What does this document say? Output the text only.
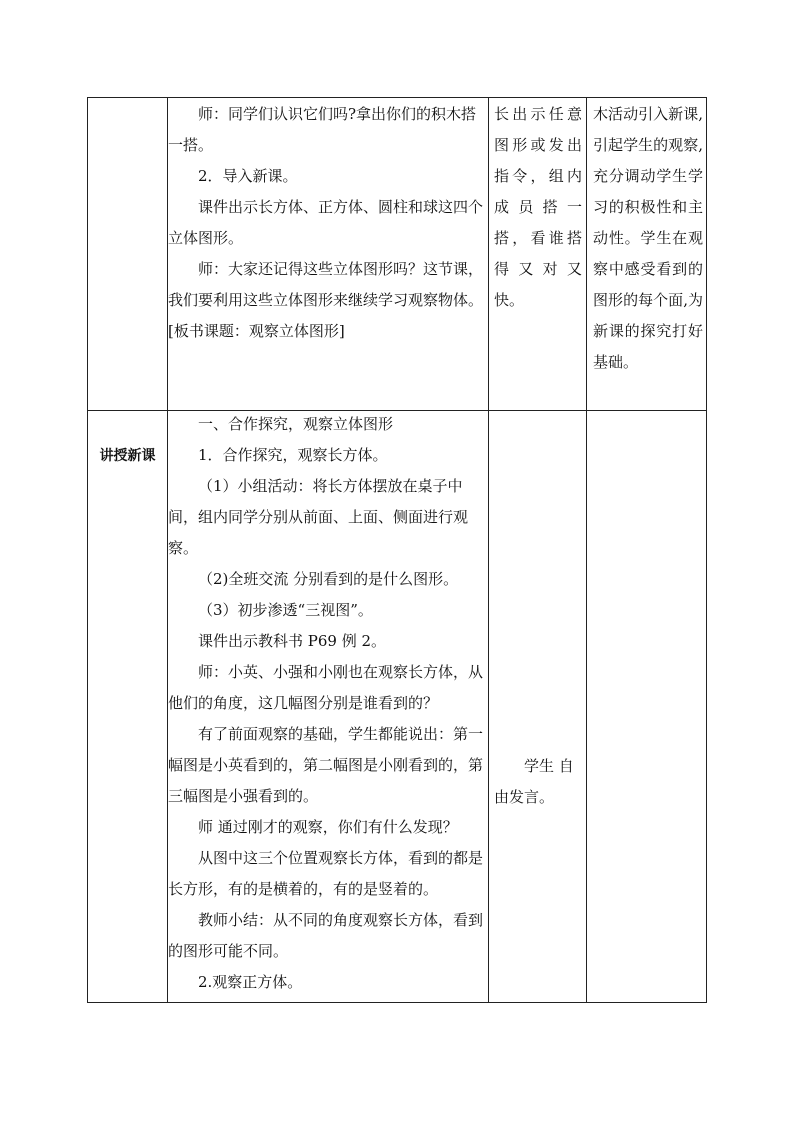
师：同学们认识它们吗?拿出你们的积木搭一搭。

2．导入新课。

课件出示长方体、正方体、圆柱和球这四个立体图形。

师：大家还记得这些立体图形吗？这节课，我们要利用这些立体图形来继续学习观察物体。[板书课题：观察立体图形]

长出示任意图形或发出指令，组内成员搭一搭，看谁搭得又对又快。
木活动引入新课,引起学生的观察,充分调动学生学习的积极性和主动性。学生在观察中感受看到的图形的每个面,为新课的探究打好基础。
讲授新课

一、合作探究，观察立体图形

1．合作探究，观察长方体。

（1）小组活动：将长方体摆放在桌子中间，组内同学分别从前面、上面、侧面进行观察。

（2)全班交流 分别看到的是什么图形。

（3）初步渗透“三视图”。

课件出示教科书 P69 例 2。

师：小英、小强和小刚也在观察长方体，从他们的角度，这几幅图分别是谁看到的？

有了前面观察的基础，学生都能说出：第一幅图是小英看到的，第二幅图是小刚看到的，第三幅图是小强看到的。

师 通过刚才的观察，你们有什么发现？

从图中这三个位置观察长方体，看到的都是长方形，有的是横着的，有的是竖着的。

教师小结：从不同的角度观察长方体，看到的图形可能不同。

2.观察正方体。

学生 自由发言。
